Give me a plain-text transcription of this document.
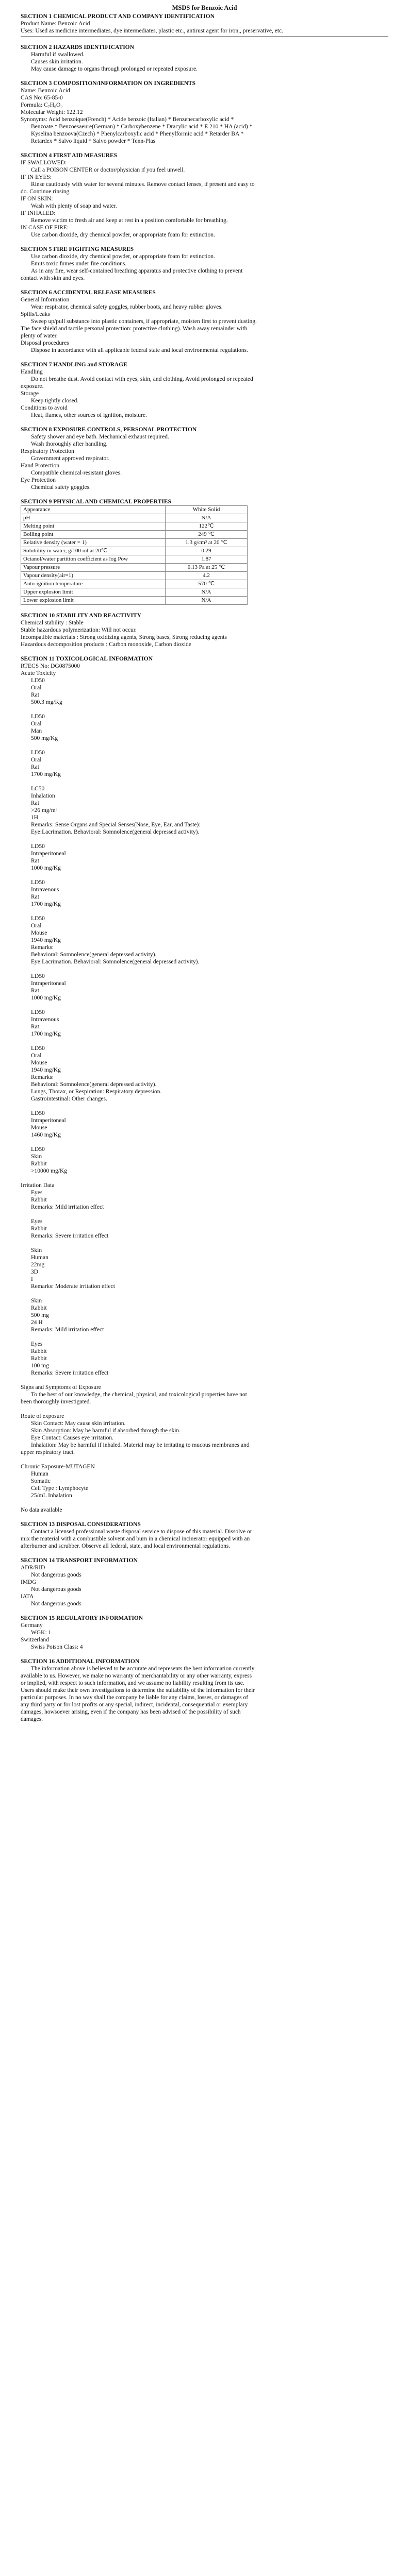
MSDS for Benzoic Acid
SECTION 1 CHEMICAL PRODUCT AND COMPANY IDENTIFICATION
Product Name: Benzoic Acid
Uses: Used as medicine intermediates, dye intermediates, plastic etc., antirust agent for iron,, preservative, etc.
SECTION 2 HAZARDS IDENTIFICATION
Harmful if swallowed.
Causes skin irritation.
May cause damage to organs through prolonged or repeated exposure.
SECTION 3 COMPOSITION/INFORMATION ON INGREDIENTS
Name: Benzoic Acid
CAS No: 65-85-0
Formula: C₇H₆O₂
Molecular Weight: 122.12
Synonyms: Acid benzoique(French) * Acide benzoic (Italian) * Benzenecarboxylic acid *
Benzoate * Benzoesaeure(German) * Carboxybenzene * Dracylic acid * E 210 * HA (acid) *
Kyselina benzoova(Czech) * Phenylcarboxylic acid * Phenylformic acid * Retarder BA *
Retardex * Salvo liquid * Salvo powder * Tenn-Plas
SECTION 4 FIRST AID MEASURES
IF SWALLOWED:
Call a POISON CENTER or doctor/physician if you feel unwell.
IF IN EYES:
Rinse cautiously with water for several minutes. Remove contact lenses, if present and easy to
do. Continue rinsing.
IF ON SKIN:
Wash with plenty of soap and water.
IF INHALED:
Remove victim to fresh air and keep at rest in a position comfortable for breathing.
IN CASE OF FIRE:
Use carbon dioxide, dry chemical powder, or appropriate foam for extinction.
SECTION 5 FIRE FIGHTING MEASURES
Use carbon dioxide, dry chemical powder, or appropriate foam for extinction.
Emits toxic fumes under fire conditions.
As in any fire, wear self-contained breathing apparatus and protective clothing to prevent
contact with skin and eyes.
SECTION 6 ACCIDENTAL RELEASE MEASURES
General Information
Wear respirator, chemical safety goggles, rubber boots, and heavy rubber gloves.
Spills/Leaks
Sweep up/pull substance into plastic containers, if appropriate, moisten first to prevent dusting.
The face shield and tactile personal protection: protective clothing). Wash away remainder with
plenty of water.
Disposal procedures
Dispose in accordance with all applicable federal state and local environmental regulations.
SECTION 7 HANDLING and STORAGE
Handling
Do not breathe dust. Avoid contact with eyes, skin, and clothing. Avoid prolonged or repeated
exposure.
Storage
Keep tightly closed.
Conditions to avoid
Heat, flames, other sources of ignition, moisture.
SECTION 8 EXPOSURE CONTROLS, PERSONAL PROTECTION
Safety shower and eye bath. Mechanical exhaust required.
Wash thoroughly after handling.
Respiratory Protection
Government approved respirator.
Hand Protection
Compatible chemical-resistant gloves.
Eye Protection
Chemical safety goggles.
SECTION 9 PHYSICAL AND CHEMICAL PROPERTIES
Appearance	White Solid
pH	N/A
Melting point	122℃
Boiling point	249 ℃
Relative density (water = 1)	1.3 g/cm³ at 20 ℃
Solubility in water, g/100 ml at 20℃	0.29
Octanol/water partition coefficient as log Pow	1.87
Vapour pressure	0.13 Pa at 25 ℃
Vapour density(air=1)	4.2
Auto-ignition temperature	570 ℃
Upper explosion limit	N/A
Lower explosion limit	N/A
SECTION 10 STABILITY AND REACTIVITY
Chemical stability : Stable
Stable hazardous polymerization: Will not occur.
Incompatible materials : Strong oxidizing agents, Strong bases, Strong reducing agents
Hazardous decomposition products : Carbon monoxide, Carbon dioxide
SECTION 11 TOXICOLOGICAL INFORMATION
RTECS No: DG0875000
Acute Toxicity
LD50
Oral
Rat
500.3 mg/Kg
LD50
Oral
Man
500 mg/Kg
LD50
Oral
Rat
1700 mg/Kg
LC50
Inhalation
Rat
>26 mg/m³
1H
Remarks: Sense Organs and Special Senses(Nose, Eye, Ear, and Taste):
Eye:Lacrimation. Behavioral: Somnolence(general depressed activity).
LD50
Intraperitoneal
Rat
1000 mg/Kg
LD50
Intravenous
Rat
1700 mg/Kg
LD50
Oral
Mouse
1940 mg/Kg
Remarks:
Behavioral: Somnolence(general depressed activity).
Eye:Lacrimation. Behavioral: Somnolence(general depressed activity).
LD50
Intraperitoneal
Rat
1000 mg/Kg
LD50
Intravenous
Rat
1700 mg/Kg
LD50
Oral
Mouse
1940 mg/Kg
Remarks:
Behavioral: Somnolence(general depressed activity).
Lungs, Thorax, or Respiration: Respiratory depression.
Gastrointestinal: Other changes.
LD50
Intraperitoneal
Mouse
1460 mg/Kg
LD50
Skin
Rabbit
>10000 mg/Kg
Irritation Data
Eyes
Rabbit
Remarks: Mild irritation effect
Eyes
Rabbit
Remarks: Severe irritation effect
Skin
Human
22mg
3D
I
Remarks: Moderate irritation effect
Skin
Rabbit
500 mg
24 H
Remarks: Mild irritation effect
Eyes
Rabbit
Rabbit
100 mg
Remarks: Severe irritation effect
Signs and Symptoms of Exposure
To the best of our knowledge, the chemical, physical, and toxicological properties have not
been thoroughly investigated.
Route of exposure
Skin Contact: May cause skin irritation.
Skin Absorption: May be harmful if absorbed through the skin.
Eye Contact: Causes eye irritation.
Inhalation: May be harmful if inhaled. Material may be irritating to mucous membranes and
upper respiratory tract.
Chronic Exposure-MUTAGEN
Human
Somatic
Cell Type : Lymphocyte
25/mL Inhalation
No data available
SECTION 13 DISPOSAL CONSIDERATIONS
Contact a licensed professional waste disposal service to dispose of this material. Dissolve or
mix the material with a combustible solvent and burn in a chemical incinerator equipped with an
afterburner and scrubber. Observe all federal, state, and local environmental regulations.
SECTION 14 TRANSPORT INFORMATION
ADR/RID
Not dangerous goods
IMDG
Not dangerous goods
IATA
Not dangerous goods
SECTION 15 REGULATORY INFORMATION
Germany
WGK: 1
Switzerland
Swiss Poison Class: 4
SECTION 16 ADDITIONAL INFORMATION
The information above is believed to be accurate and represents the best information currently
available to us. However, we make no warranty of merchantability or any other warranty, express
or implied, with respect to such information, and we assume no liability resulting from its use.
Users should make their own investigations to determine the suitability of the information for their
particular purposes. In no way shall the company be liable for any claims, losses, or damages of
any third party or for lost profits or any special, indirect, incidental, consequential or exemplary
damages, howsoever arising, even if the company has been advised of the possibility of such
damages.
